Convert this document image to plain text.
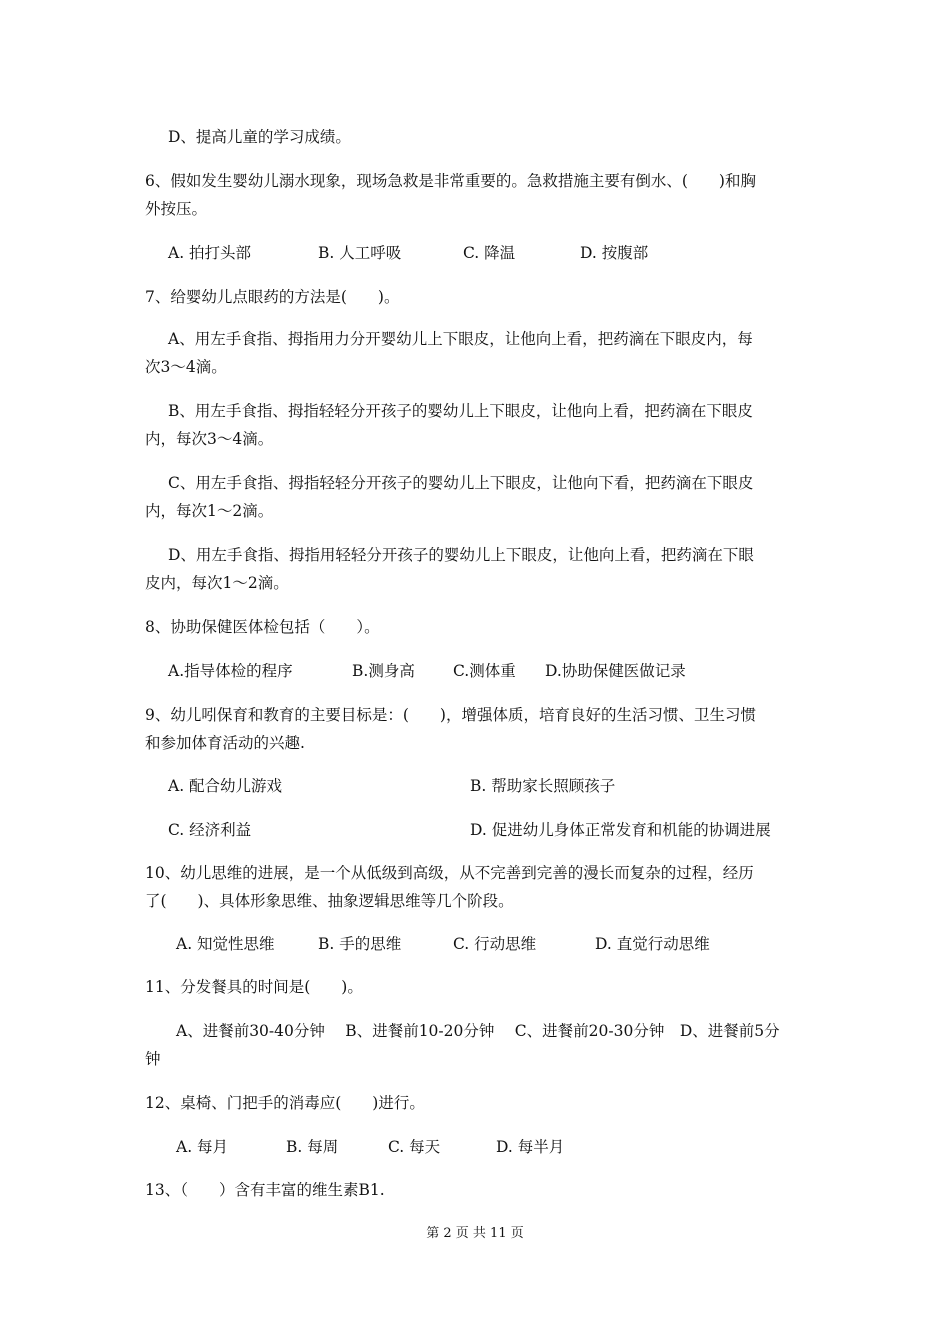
D、提高儿童的学习成绩。
6、假如发生婴幼儿溺水现象，现场急救是非常重要的。急救措施主要有倒水、(　　)和胸
外按压。
A. 拍打头部	B. 人工呼吸	C. 降温	D. 按腹部
7、给婴幼儿点眼药的方法是(　　)。
A、用左手食指、拇指用力分开婴幼儿上下眼皮，让他向上看，把药滴在下眼皮内，每
次3～4滴。
B、用左手食指、拇指轻轻分开孩子的婴幼儿上下眼皮，让他向上看，把药滴在下眼皮
内，每次3～4滴。
C、用左手食指、拇指轻轻分开孩子的婴幼儿上下眼皮，让他向下看，把药滴在下眼皮
内，每次1～2滴。
D、用左手食指、拇指用轻轻分开孩子的婴幼儿上下眼皮，让他向上看，把药滴在下眼
皮内，每次1～2滴。
8、协助保健医体检包括（　　）。
A.指导体检的程序	B.测身高 C.测体重 D.协助保健医做记录
9、幼儿吲保育和教育的主要目标是：(　　)，增强体质，培育良好的生活习惯、卫生习惯
和参加体育活动的兴趣.
A. 配合幼儿游戏	B. 帮助家长照顾孩子
C. 经济利益	D. 促进幼儿身体正常发育和机能的协调进展
10、幼儿思维的进展，是一个从低级到高级，从不完善到完善的漫长而复杂的过程，经历
了(　　)、具体形象思维、抽象逻辑思维等几个阶段。
A. 知觉性思维	B. 手的思维	C. 行动思维	D. 直觉行动思维
11、分发餐具的时间是(　　)。
A、进餐前30-40分钟　 B、进餐前10-20分钟　 C、进餐前20-30分钟　D、进餐前5分
钟
12、桌椅、门把手的消毒应(　　)进行。
A. 每月	B. 每周	C. 每天	D. 每半月
13、（　　）含有丰富的维生素B1.
第 2 页 共 11 页
